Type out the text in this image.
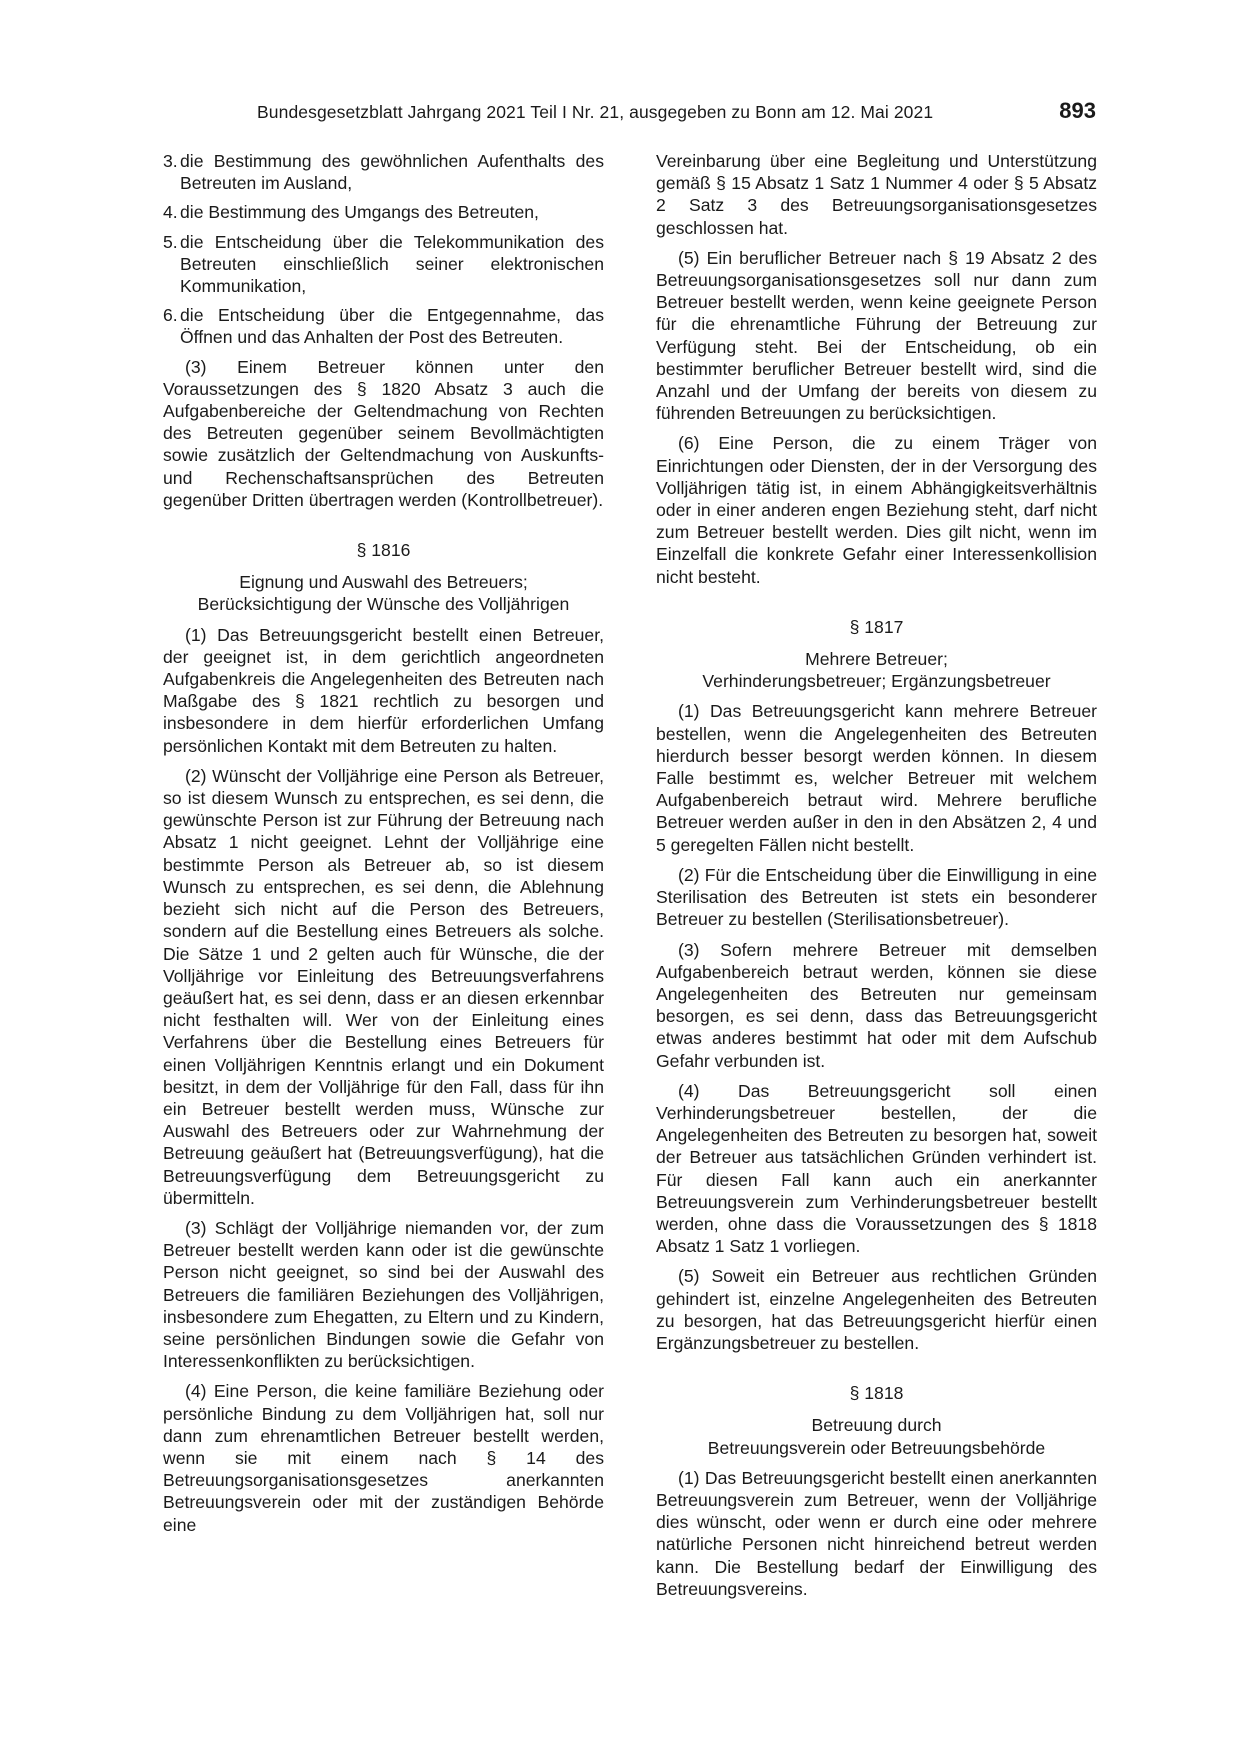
Bundesgesetzblatt Jahrgang 2021 Teil I Nr. 21, ausgegeben zu Bonn am 12. Mai 2021	893
3. die Bestimmung des gewöhnlichen Aufenthalts des Betreuten im Ausland,
4. die Bestimmung des Umgangs des Betreuten,
5. die Entscheidung über die Telekommunikation des Betreuten einschließlich seiner elektronischen Kommunikation,
6. die Entscheidung über die Entgegennahme, das Öffnen und das Anhalten der Post des Betreuten.

(3) Einem Betreuer können unter den Voraussetzungen des § 1820 Absatz 3 auch die Aufgabenbereiche der Geltendmachung von Rechten des Betreuten gegenüber seinem Bevollmächtigten sowie zusätzlich der Geltendmachung von Auskunfts- und Rechenschaftsansprüchen des Betreuten gegenüber Dritten übertragen werden (Kontrollbetreuer).

§ 1816
Eignung und Auswahl des Betreuers;
Berücksichtigung der Wünsche des Volljährigen

(1) Das Betreuungsgericht bestellt einen Betreuer, der geeignet ist, in dem gerichtlich angeordneten Aufgabenkreis die Angelegenheiten des Betreuten nach Maßgabe des § 1821 rechtlich zu besorgen und insbesondere in dem hierfür erforderlichen Umfang persönlichen Kontakt mit dem Betreuten zu halten.

(2) Wünscht der Volljährige eine Person als Betreuer, so ist diesem Wunsch zu entsprechen, es sei denn, die gewünschte Person ist zur Führung der Betreuung nach Absatz 1 nicht geeignet. Lehnt der Volljährige eine bestimmte Person als Betreuer ab, so ist diesem Wunsch zu entsprechen, es sei denn, die Ablehnung bezieht sich nicht auf die Person des Betreuers, sondern auf die Bestellung eines Betreuers als solche. Die Sätze 1 und 2 gelten auch für Wünsche, die der Volljährige vor Einleitung des Betreuungsverfahrens geäußert hat, es sei denn, dass er an diesen erkennbar nicht festhalten will. Wer von der Einleitung eines Verfahrens über die Bestellung eines Betreuers für einen Volljährigen Kenntnis erlangt und ein Dokument besitzt, in dem der Volljährige für den Fall, dass für ihn ein Betreuer bestellt werden muss, Wünsche zur Auswahl des Betreuers oder zur Wahrnehmung der Betreuung geäußert hat (Betreuungsverfügung), hat die Betreuungsverfügung dem Betreuungsgericht zu übermitteln.

(3) Schlägt der Volljährige niemanden vor, der zum Betreuer bestellt werden kann oder ist die gewünschte Person nicht geeignet, so sind bei der Auswahl des Betreuers die familiären Beziehungen des Volljährigen, insbesondere zum Ehegatten, zu Eltern und zu Kindern, seine persönlichen Bindungen sowie die Gefahr von Interessenkonflikten zu berücksichtigen.

(4) Eine Person, die keine familiäre Beziehung oder persönliche Bindung zu dem Volljährigen hat, soll nur dann zum ehrenamtlichen Betreuer bestellt werden, wenn sie mit einem nach § 14 des Betreuungsorganisationsgesetzes anerkannten Betreuungsverein oder mit der zuständigen Behörde eine

Vereinbarung über eine Begleitung und Unterstützung gemäß § 15 Absatz 1 Satz 1 Nummer 4 oder § 5 Absatz 2 Satz 3 des Betreuungsorganisationsgesetzes geschlossen hat.

(5) Ein beruflicher Betreuer nach § 19 Absatz 2 des Betreuungsorganisationsgesetzes soll nur dann zum Betreuer bestellt werden, wenn keine geeignete Person für die ehrenamtliche Führung der Betreuung zur Verfügung steht. Bei der Entscheidung, ob ein bestimmter beruflicher Betreuer bestellt wird, sind die Anzahl und der Umfang der bereits von diesem zu führenden Betreuungen zu berücksichtigen.

(6) Eine Person, die zu einem Träger von Einrichtungen oder Diensten, der in der Versorgung des Volljährigen tätig ist, in einem Abhängigkeitsverhältnis oder in einer anderen engen Beziehung steht, darf nicht zum Betreuer bestellt werden. Dies gilt nicht, wenn im Einzelfall die konkrete Gefahr einer Interessenkollision nicht besteht.

§ 1817
Mehrere Betreuer;
Verhinderungsbetreuer; Ergänzungsbetreuer

(1) Das Betreuungsgericht kann mehrere Betreuer bestellen, wenn die Angelegenheiten des Betreuten hierdurch besser besorgt werden können. In diesem Falle bestimmt es, welcher Betreuer mit welchem Aufgabenbereich betraut wird. Mehrere berufliche Betreuer werden außer in den in den Absätzen 2, 4 und 5 geregelten Fällen nicht bestellt.

(2) Für die Entscheidung über die Einwilligung in eine Sterilisation des Betreuten ist stets ein besonderer Betreuer zu bestellen (Sterilisationsbetreuer).

(3) Sofern mehrere Betreuer mit demselben Aufgabenbereich betraut werden, können sie diese Angelegenheiten des Betreuten nur gemeinsam besorgen, es sei denn, dass das Betreuungsgericht etwas anderes bestimmt hat oder mit dem Aufschub Gefahr verbunden ist.

(4) Das Betreuungsgericht soll einen Verhinderungsbetreuer bestellen, der die Angelegenheiten des Betreuten zu besorgen hat, soweit der Betreuer aus tatsächlichen Gründen verhindert ist. Für diesen Fall kann auch ein anerkannter Betreuungsverein zum Verhinderungsbetreuer bestellt werden, ohne dass die Voraussetzungen des § 1818 Absatz 1 Satz 1 vorliegen.

(5) Soweit ein Betreuer aus rechtlichen Gründen gehindert ist, einzelne Angelegenheiten des Betreuten zu besorgen, hat das Betreuungsgericht hierfür einen Ergänzungsbetreuer zu bestellen.

§ 1818
Betreuung durch
Betreuungsverein oder Betreuungsbehörde

(1) Das Betreuungsgericht bestellt einen anerkannten Betreuungsverein zum Betreuer, wenn der Volljährige dies wünscht, oder wenn er durch eine oder mehrere natürliche Personen nicht hinreichend betreut werden kann. Die Bestellung bedarf der Einwilligung des Betreuungsvereins.
